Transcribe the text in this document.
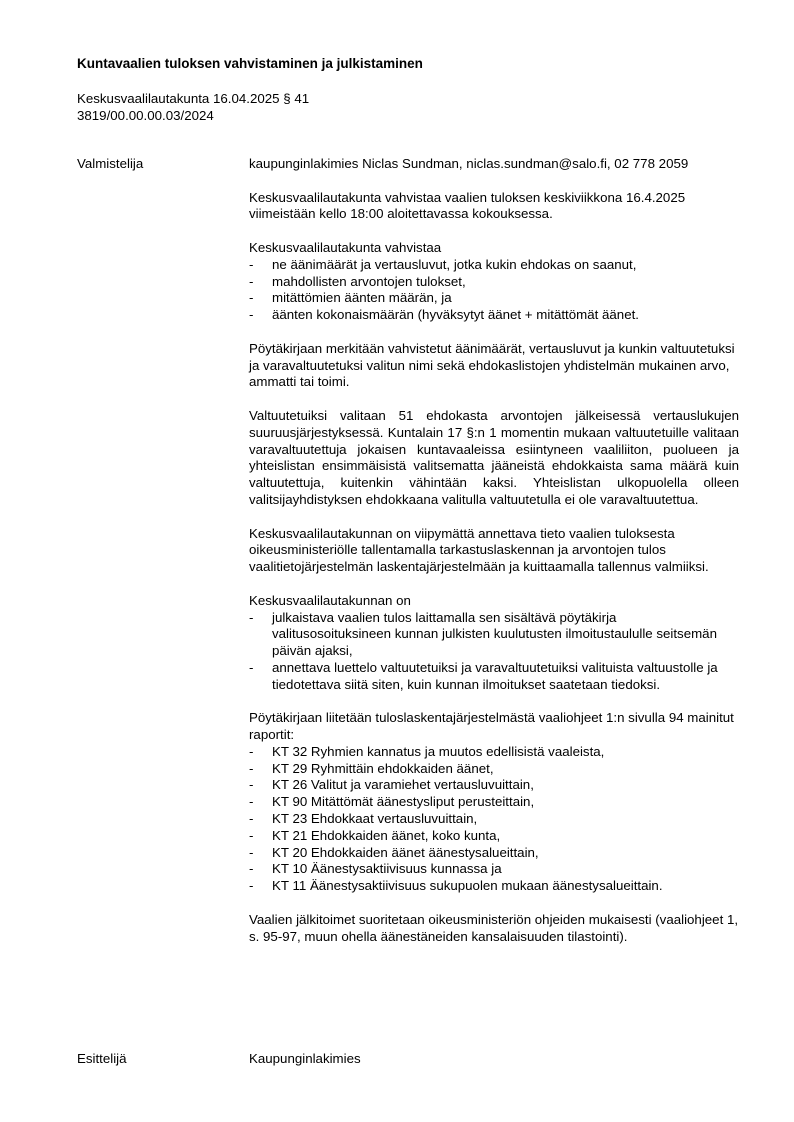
Kuntavaalien tuloksen vahvistaminen ja julkistaminen
Keskusvaalilautakunta 16.04.2025 § 41
3819/00.00.00.03/2024
Valmistelija	kaupunginlakimies Niclas Sundman, niclas.sundman@salo.fi, 02 778 2059

Keskusvaalilautakunta vahvistaa vaalien tuloksen keskiviikkona 16.4.2025 viimeistään kello 18:00 aloitettavassa kokouksessa.

Keskusvaalilautakunta vahvistaa

- ne äänimäärät ja vertausluvut, jotka kukin ehdokas on saanut,
- mahdollisten arvontojen tulokset,
- mitättömien äänten määrän, ja
- äänten kokonaismäärän (hyväksytyt äänet + mitättömät äänet.

Pöytäkirjaan merkitään vahvistetut äänimäärät, vertausluvut ja kunkin valtuutetuksi ja varavaltuutetuksi valitun nimi sekä ehdokaslistojen yhdistelmän mukainen arvo, ammatti tai toimi.

Valtuutetuiksi valitaan 51 ehdokasta arvontojen jälkeisessä vertauslukujen suuruusjärjestyksessä. Kuntalain 17 §:n 1 momentin mukaan valtuutetuille valitaan varavaltuutettuja jokaisen kuntavaaleissa esiintyneen vaaliliiton, puolueen ja yhteislistan ensimmäisistä valitsematta jääneistä ehdokkaista sama määrä kuin valtuutettuja, kuitenkin vähintään kaksi. Yhteislistan ulkopuolella olleen valitsijayhdistyksen ehdokkaana valitulla valtuutetulla ei ole varavaltuutettua.

Keskusvaalilautakunnan on viipymättä annettava tieto vaalien tuloksesta oikeusministeriölle tallentamalla tarkastuslaskennan ja arvontojen tulos vaalitietojärjestelmän laskentajärjestelmään ja kuittaamalla tallennus valmiiksi.

Keskusvaalilautakunnan on

- julkaistava vaalien tulos laittamalla sen sisältävä pöytäkirja valitusosoituksineen kunnan julkisten kuulutusten ilmoitustaululle seitsemän päivän ajaksi,
- annettava luettelo valtuutetuiksi ja varavaltuutetuiksi valituista valtuustolle ja tiedotettava siitä siten, kuin kunnan ilmoitukset saatetaan tiedoksi.

Pöytäkirjaan liitetään tuloslaskentajärjestelmästä vaaliohjeet 1:n sivulla 94 mainitut raportit:

- KT 32 Ryhmien kannatus ja muutos edellisistä vaaleista,
- KT 29 Ryhmittäin ehdokkaiden äänet,
- KT 26 Valitut ja varamiehet vertausluvuittain,
- KT 90 Mitättömät äänestysliput perusteittain,
- KT 23 Ehdokkaat vertausluvuittain,
- KT 21 Ehdokkaiden äänet, koko kunta,
- KT 20 Ehdokkaiden äänet äänestysalueittain,
- KT 10 Äänestysaktiivisuus kunnassa ja
- KT 11 Äänestysaktiivisuus sukupuolen mukaan äänestysalueittain.

Vaalien jälkitoimet suoritetaan oikeusministeriön ohjeiden mukaisesti (vaaliohjeet 1, s. 95-97, muun ohella äänestäneiden kansalaisuuden tilastointi).

Esittelijä	Kaupunginlakimies
